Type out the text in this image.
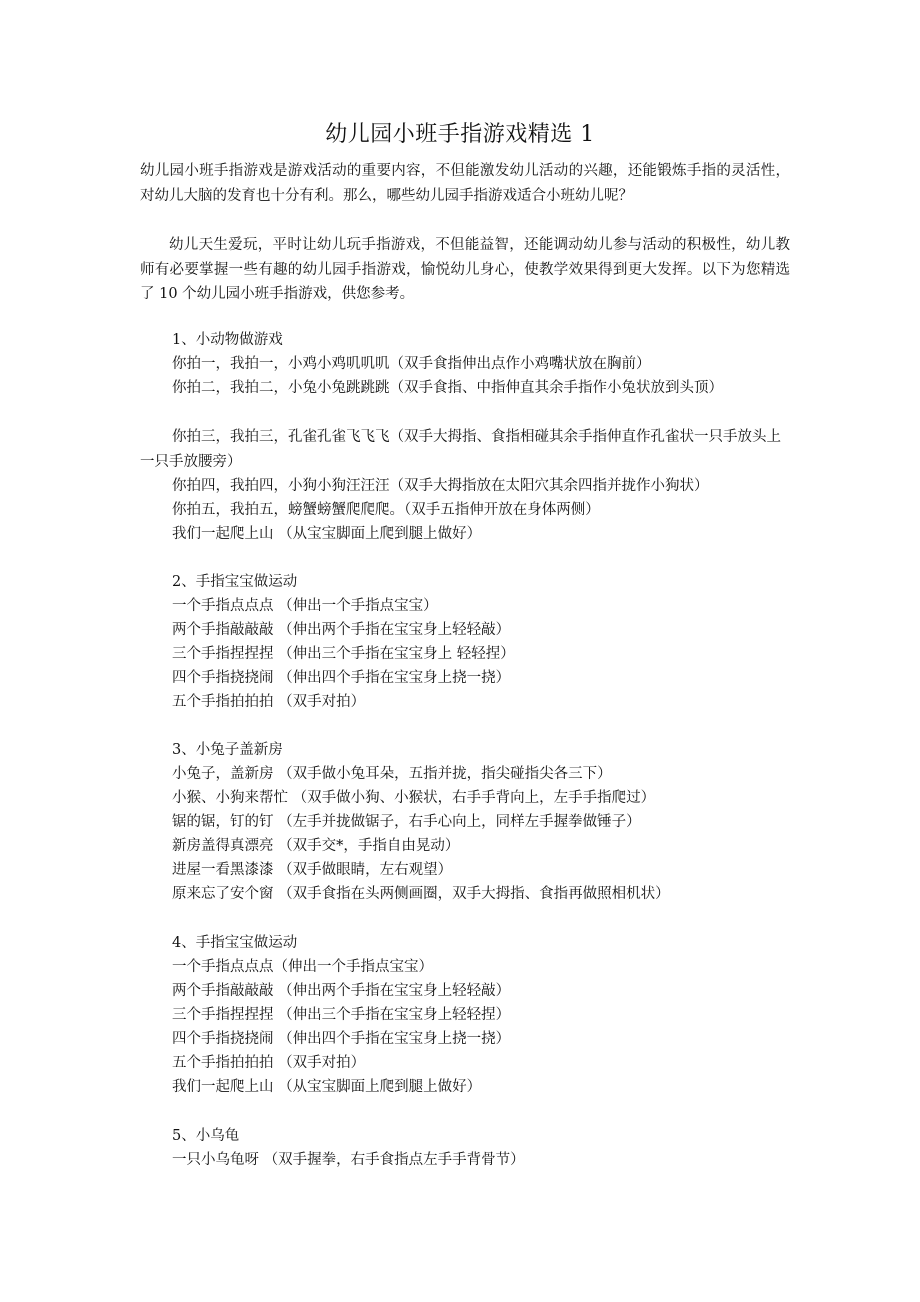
幼儿园小班手指游戏精选 1
幼儿园小班手指游戏是游戏活动的重要内容，不但能激发幼儿活动的兴趣，还能锻炼手指的灵活性，对幼儿大脑的发育也十分有利。那么，哪些幼儿园手指游戏适合小班幼儿呢？
幼儿天生爱玩，平时让幼儿玩手指游戏，不但能益智，还能调动幼儿参与活动的积极性，幼儿教师有必要掌握一些有趣的幼儿园手指游戏，愉悦幼儿身心，使教学效果得到更大发挥。以下为您精选了 10 个幼儿园小班手指游戏，供您参考。
1、小动物做游戏
你拍一，我拍一，小鸡小鸡叽叽叽（双手食指伸出点作小鸡嘴状放在胸前）
你拍二，我拍二，小兔小兔跳跳跳（双手食指、中指伸直其余手指作小兔状放到头顶）
你拍三，我拍三，孔雀孔雀飞飞飞（双手大拇指、食指相碰其余手指伸直作孔雀状一只手放头上一只手放腰旁）
你拍四，我拍四，小狗小狗汪汪汪（双手大拇指放在太阳穴其余四指并拢作小狗状）
你拍五，我拍五，螃蟹螃蟹爬爬爬。（双手五指伸开放在身体两侧）
我们一起爬上山 （从宝宝脚面上爬到腿上做好）
2、手指宝宝做运动
一个手指点点点 （伸出一个手指点宝宝）
两个手指敲敲敲 （伸出两个手指在宝宝身上轻轻敲）
三个手指捏捏捏 （伸出三个手指在宝宝身上 轻轻捏）
四个手指挠挠闹 （伸出四个手指在宝宝身上挠一挠）
五个手指拍拍拍 （双手对拍）
3、小兔子盖新房
小兔子，盖新房 （双手做小兔耳朵，五指并拢，指尖碰指尖各三下）
小猴、小狗来帮忙 （双手做小狗、小猴状，右手手背向上，左手手指爬过）
锯的锯，钉的钉 （左手并拢做锯子，右手心向上，同样左手握拳做锤子）
新房盖得真漂亮 （双手交*，手指自由晃动）
进屋一看黑漆漆 （双手做眼睛，左右观望）
原来忘了安个窗 （双手食指在头两侧画圈，双手大拇指、食指再做照相机状）
4、手指宝宝做运动
一个手指点点点（伸出一个手指点宝宝）
两个手指敲敲敲 （伸出两个手指在宝宝身上轻轻敲）
三个手指捏捏捏 （伸出三个手指在宝宝身上轻轻捏）
四个手指挠挠闹 （伸出四个手指在宝宝身上挠一挠）
五个手指拍拍拍 （双手对拍）
我们一起爬上山 （从宝宝脚面上爬到腿上做好）
5、小乌龟
一只小乌龟呀 （双手握拳，右手食指点左手手背骨节）
